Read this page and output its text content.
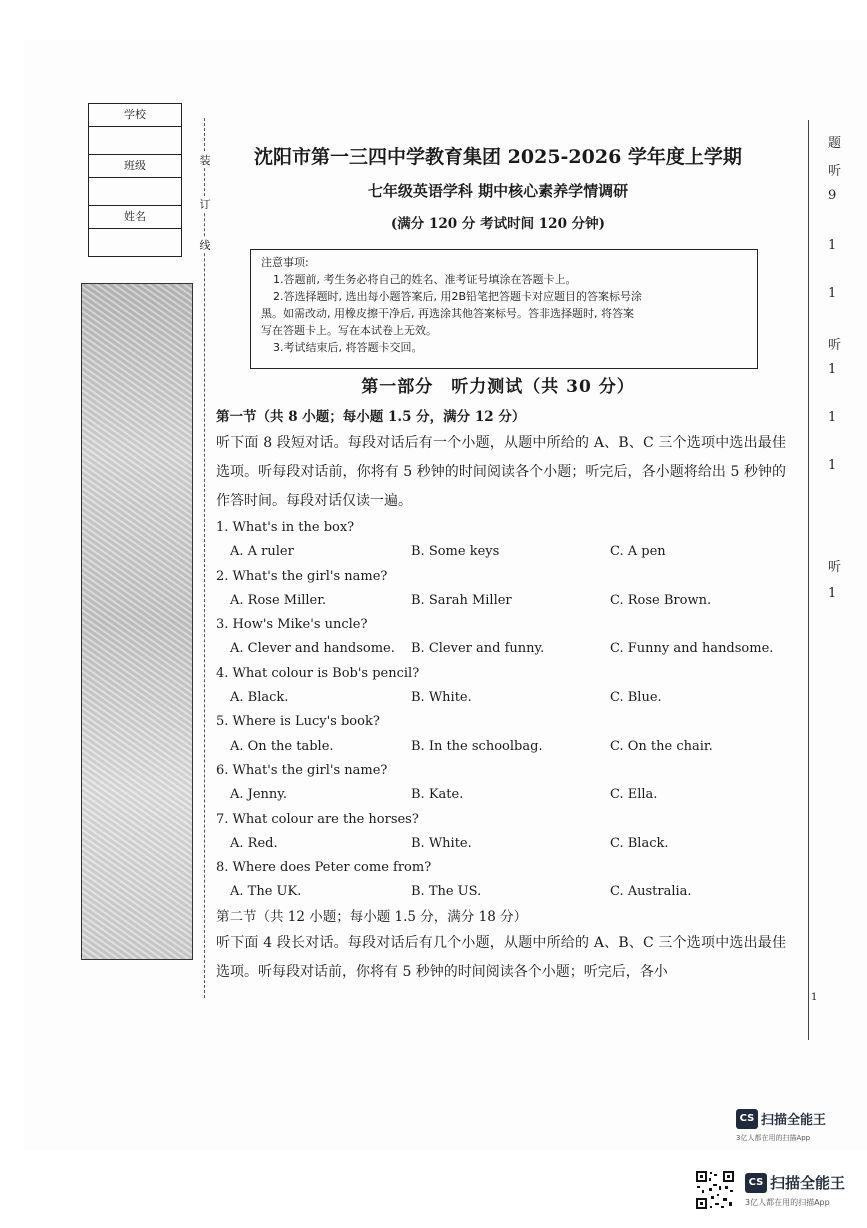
学校
班级
姓名
装
订
线
沈阳市第一三四中学教育集团 2025-2026 学年度上学期
七年级英语学科 期中核心素养学情调研
(满分 120 分 考试时间 120 分钟)
注意事项:
1.答题前, 考生务必将自己的姓名、准考证号填涂在答题卡上。
2.答选择题时, 选出每小题答案后, 用2B铅笔把答题卡对应题目的答案标号涂
黑。如需改动, 用橡皮擦干净后, 再选涂其他答案标号。答非选择题时, 将答案
写在答题卡上。写在本试卷上无效。
3.考试结束后, 将答题卡交回。
第一部分　听力测试（共 30 分）
第一节（共 8 小题；每小题 1.5 分，满分 12 分）
听下面 8 段短对话。每段对话后有一个小题，从题中所给的 A、B、C 三个选项中选出最佳选项。听每段对话前，你将有 5 秒钟的时间阅读各个小题；听完后，各小题将给出 5 秒钟的作答时间。每段对话仅读一遍。
1. What's in the box?
A. A ruler	B. Some keys	C. A pen
2. What's the girl's name?
A. Rose Miller.	B. Sarah Miller	C. Rose Brown.
3. How's Mike's uncle?
A. Clever and handsome. B. Clever and funny.	C. Funny and handsome.
4. What colour is Bob's pencil?
A. Black.	B. White.	C. Blue.
5. Where is Lucy's book?
A. On the table.	B. In the schoolbag.	C. On the chair.
6. What's the girl's name?
A. Jenny.	B. Kate.	C. Ella.
7. What colour are the horses?
A. Red.	B. White.	C. Black.
8. Where does Peter come from?
A. The UK.	B. The US.	C. Australia.
第二节（共 12 小题；每小题 1.5 分，满分 18 分）
听下面 4 段长对话。每段对话后有几个小题，从题中所给的 A、B、C 三个选项中选出最佳选项。听每段对话前，你将有 5 秒钟的时间阅读各个小题；听完后，各小
题
听
9
1
1
听
1
1
1
听
1
1
CS 扫描全能王
3亿人都在用的扫描App
CS 扫描全能王
3亿人都在用的扫描App
